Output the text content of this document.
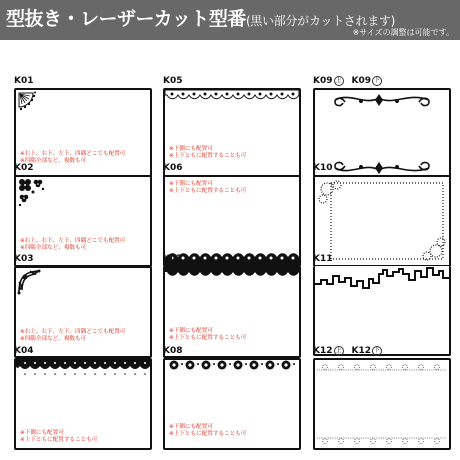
型抜き・レーザーカット型番(黒い部分がカットされます)
※サイズの調整は可能です。
K01
※右上、右下、左下、四隅どこでも配置可
※四隅全部など、複数も可
K02
※右上、右下、左下、四隅どこでも配置可
※四隅全部など、複数も可
K03
※右上、右下、左下、四隅どこでも配置可
※四隅全部など、複数も可
K04
※下側にも配置可
※上下ともに配置することも可
K05
※下側にも配置可
※上下ともに配置することも可
K06
※下側にも配置可
※上下ともに配置することも可
K07
※下側にも配置可
※上下ともに配置することも可
K08
※下側にも配置可
※上下ともに配置することも可
K09 上 K09 下
K10
K11
K12 上 K12 下
